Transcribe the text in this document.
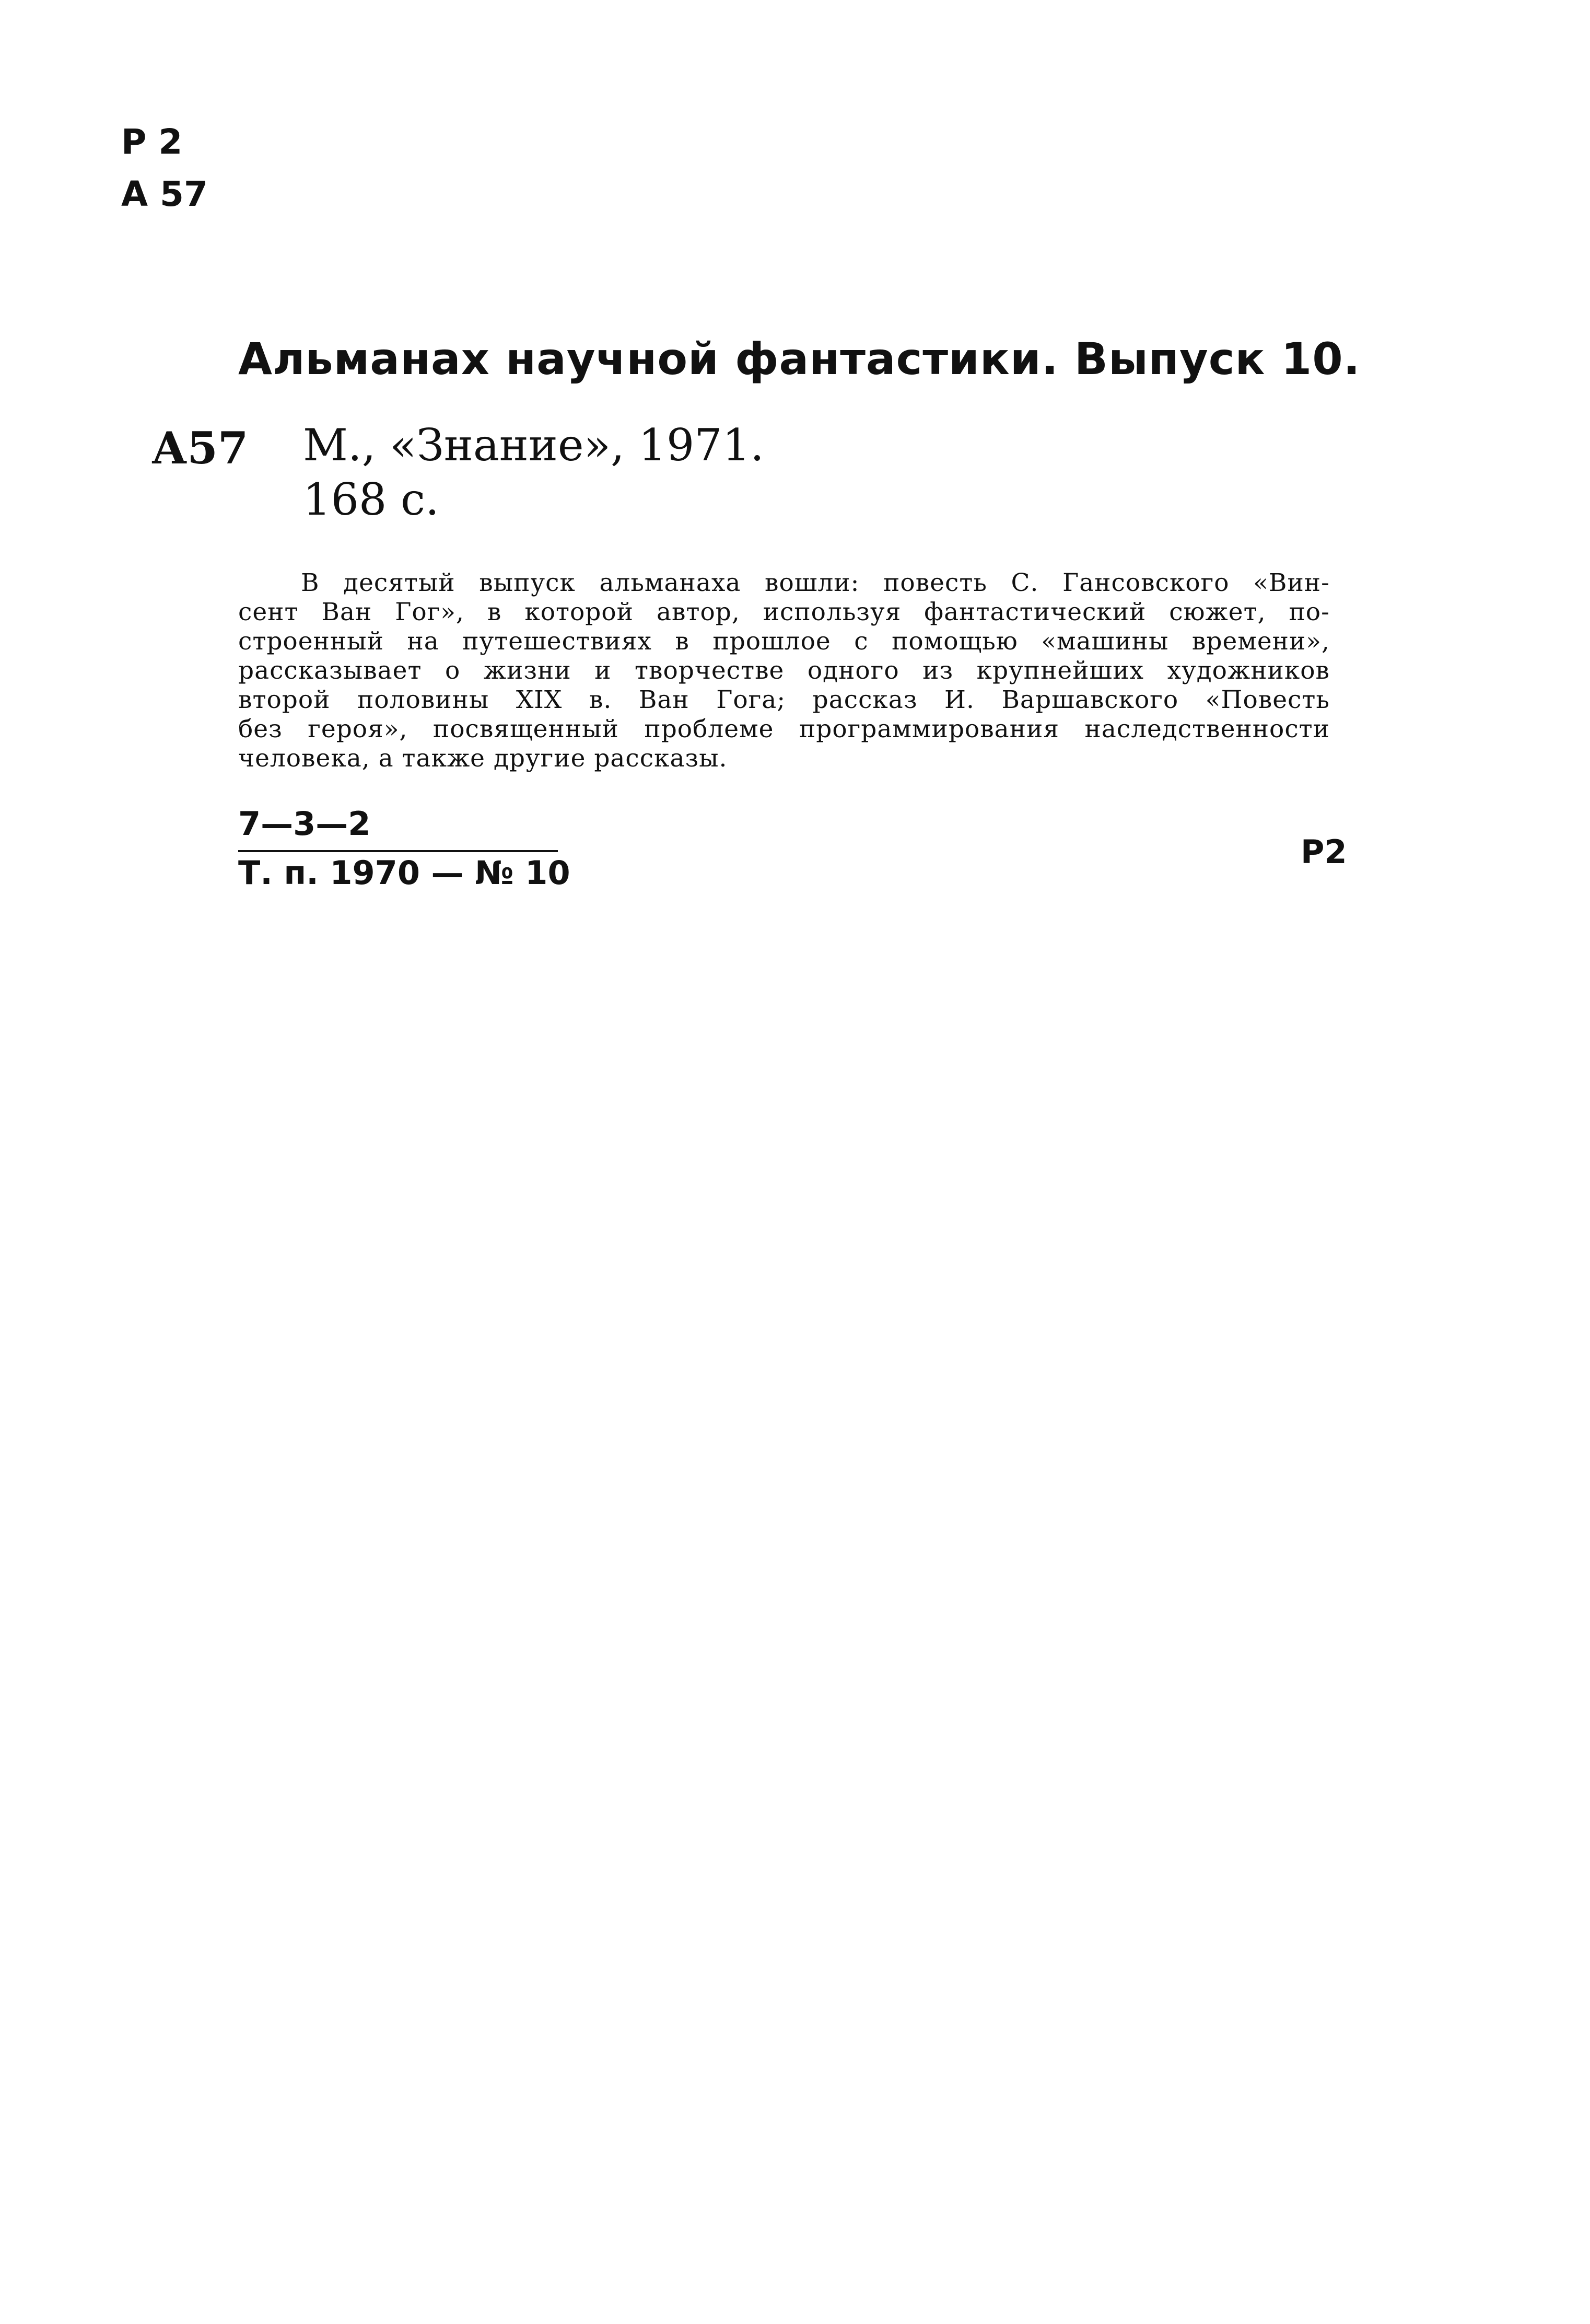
Р 2
А 57
Альманах научной фантастики. Выпуск 10.
А57 М., «Знание», 1971.
168 с.
В десятый выпуск альманаха вошли: повесть С. Гансовского «Вин-
сент Ван Гог», в которой автор, используя фантастический сюжет, по-
строенный на путешествиях в прошлое с помощью «машины времени»,
рассказывает о жизни и творчестве одного из крупнейших художников
второй половины XIX в. Ван Гога; рассказ И. Варшавского «Повесть
без героя», посвященный проблеме программирования наследственности
человека, а также другие рассказы.
7—3—2
Т. п. 1970 — № 10
Р2
